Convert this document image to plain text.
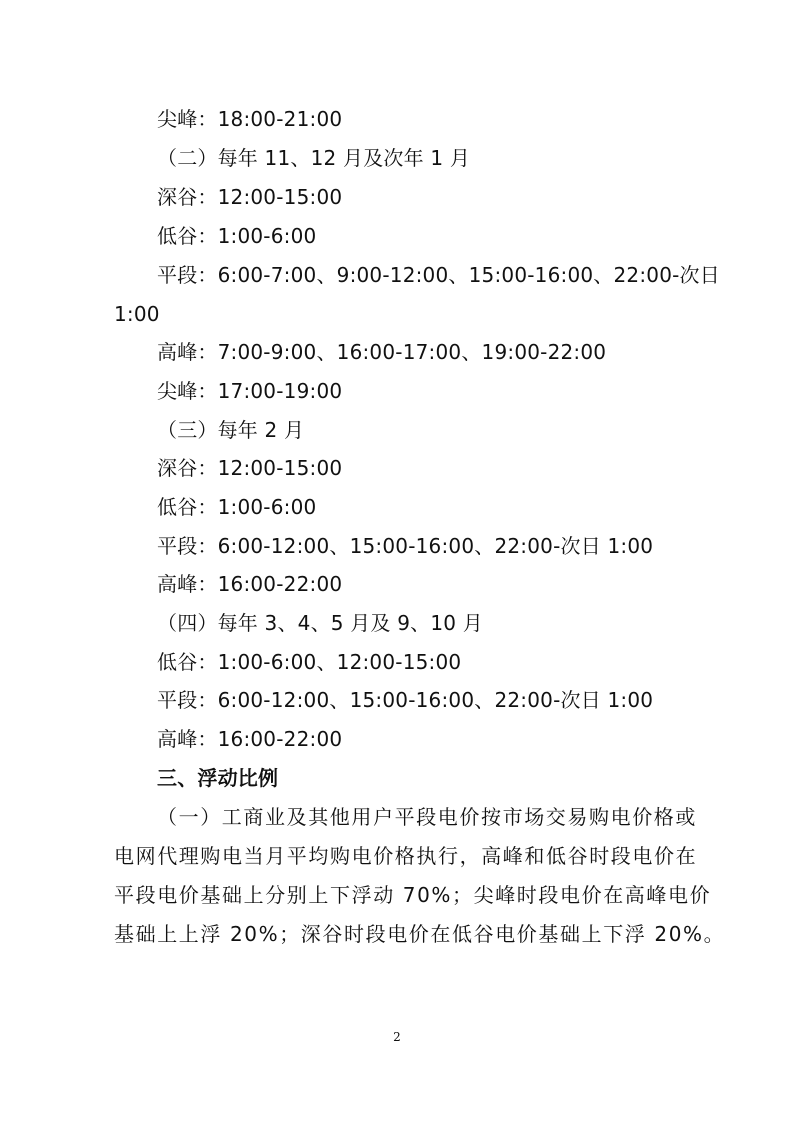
尖峰：18:00-21:00
（二）每年 11、12 月及次年 1 月
深谷：12:00-15:00
低谷：1:00-6:00
平段：6:00-7:00、9:00-12:00、15:00-16:00、22:00-次日
1:00
高峰：7:00-9:00、16:00-17:00、19:00-22:00
尖峰：17:00-19:00
（三）每年 2 月
深谷：12:00-15:00
低谷：1:00-6:00
平段：6:00-12:00、15:00-16:00、22:00-次日 1:00
高峰：16:00-22:00
（四）每年 3、4、5 月及 9、10 月
低谷：1:00-6:00、12:00-15:00
平段：6:00-12:00、15:00-16:00、22:00-次日 1:00
高峰：16:00-22:00
三、浮动比例
（一）工商业及其他用户平段电价按市场交易购电价格或
电网代理购电当月平均购电价格执行，高峰和低谷时段电价在
平段电价基础上分别上下浮动 70%；尖峰时段电价在高峰电价
基础上上浮 20%；深谷时段电价在低谷电价基础上下浮 20%。
2
